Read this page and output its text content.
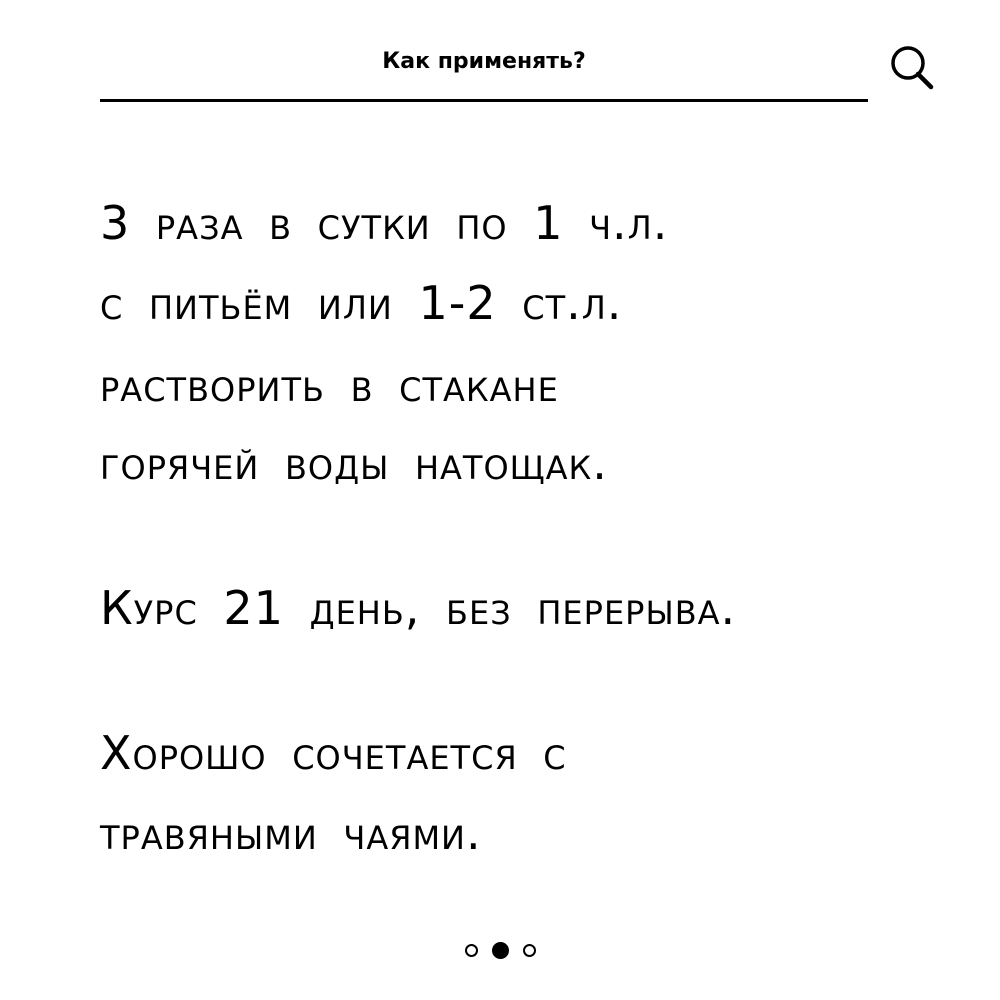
Как применять?
3 раза в сутки по 1 ч.л.
с питьём или 1-2 ст.л.
растворить в стакане
горячей воды натощак.
Курс 21 день, без перерыва.
Хорошо сочетается с
травяными чаями.
